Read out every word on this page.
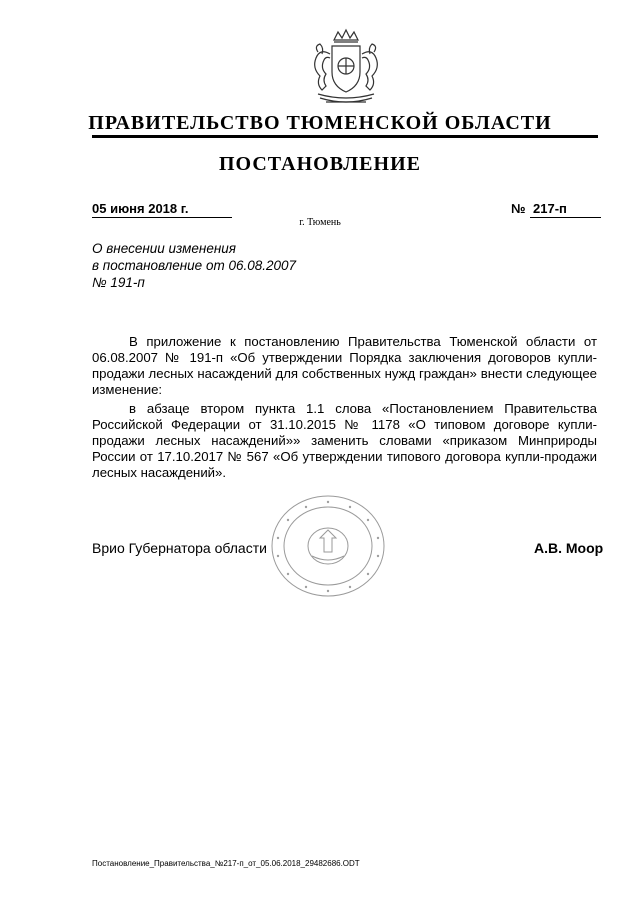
ПРАВИТЕЛЬСТВО ТЮМЕНСКОЙ ОБЛАСТИ
ПОСТАНОВЛЕНИЕ
05 июня 2018 г.	№ 217-п
г. Тюмень
О внесении изменения
в постановление от 06.08.2007
№ 191-п

В приложение к постановлению Правительства Тюменской области от 06.08.2007 № 191-п «Об утверждении Порядка заключения договоров купли-продажи лесных насаждений для собственных нужд граждан» внести следующее изменение:

в абзаце втором пункта 1.1 слова «Постановлением Правительства Российской Федерации от 31.10.2015 № 1178 «О типовом договоре купли-продажи лесных насаждений»» заменить словами «приказом Минприроды России от 17.10.2017 № 567 «Об утверждении типового договора купли-продажи лесных насаждений».

Врио Губернатора области	А.В. Моор
Постановление_Правительства_№217-п_от_05.06.2018_29482686.ODT
